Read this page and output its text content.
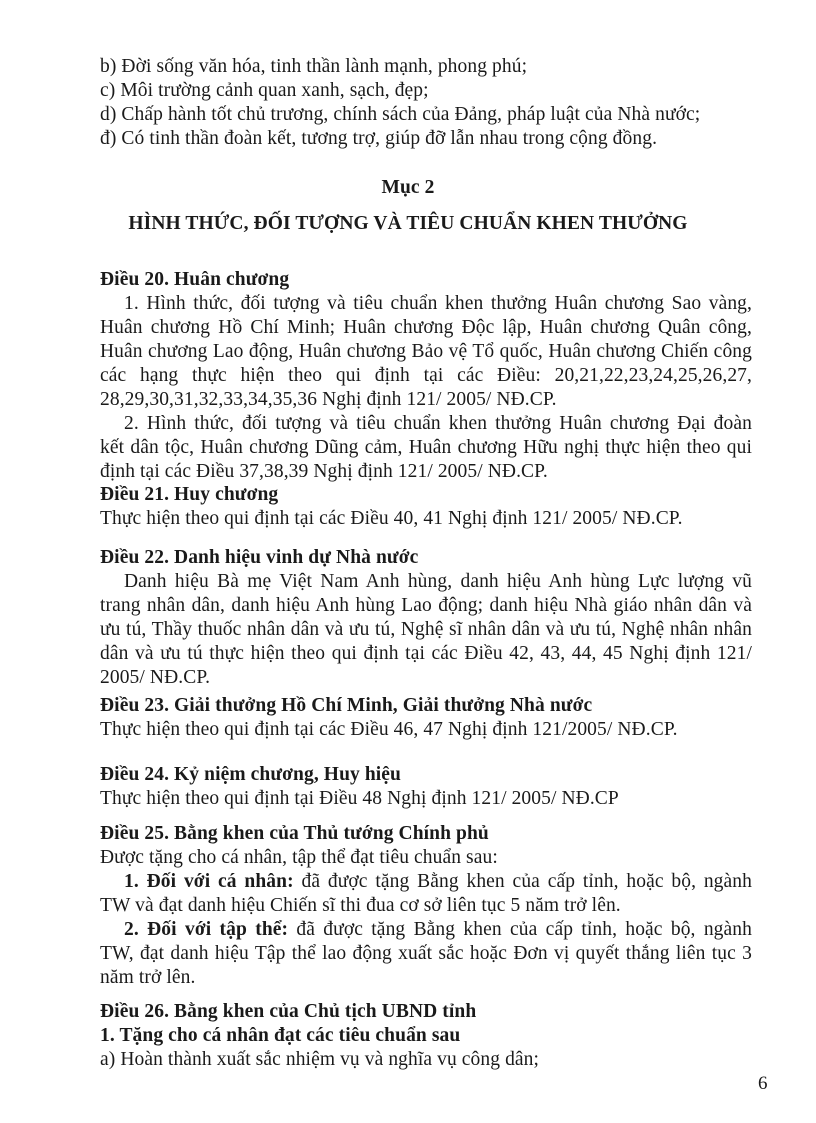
b) Đời sống văn hóa, tinh thần lành mạnh, phong phú;
c) Môi trường cảnh quan xanh, sạch, đẹp;
d) Chấp hành tốt chủ trương, chính sách của Đảng, pháp luật của Nhà nước;
đ) Có tinh thần đoàn kết, tương trợ, giúp đỡ lẫn nhau trong cộng đồng.
Mục 2
HÌNH THỨC, ĐỐI TƯỢNG VÀ TIÊU CHUẨN KHEN THƯỞNG
Điều 20. Huân chương
1. Hình thức, đối tượng và tiêu chuẩn khen thưởng Huân chương Sao vàng,
Huân chương Hồ Chí Minh; Huân chương Độc lập, Huân chương Quân công,
Huân chương Lao động, Huân chương Bảo vệ Tổ quốc, Huân chương Chiến công
các hạng thực hiện theo qui định tại các Điều: 20,21,22,23,24,25,26,27,
28,29,30,31,32,33,34,35,36 Nghị định 121/ 2005/ NĐ.CP.
2. Hình thức, đối tượng và tiêu chuẩn khen thưởng Huân chương Đại đoàn
kết dân tộc, Huân chương Dũng cảm, Huân chương Hữu nghị thực hiện theo qui
định tại các Điều 37,38,39 Nghị định 121/ 2005/ NĐ.CP.
Điều 21. Huy chương
Thực hiện theo qui định tại các Điều 40, 41 Nghị định 121/ 2005/ NĐ.CP.
Điều 22. Danh hiệu vinh dự Nhà nước
Danh hiệu Bà mẹ Việt Nam Anh hùng, danh hiệu Anh hùng Lực lượng vũ
trang nhân dân, danh hiệu Anh hùng Lao động; danh hiệu Nhà giáo nhân dân và
ưu tú, Thầy thuốc nhân dân và ưu tú, Nghệ sĩ nhân dân và ưu tú, Nghệ nhân nhân
dân và ưu tú thực hiện theo qui định tại các Điều 42, 43, 44, 45 Nghị định 121/
2005/ NĐ.CP.
Điều 23. Giải thưởng Hồ Chí Minh, Giải thưởng Nhà nước
Thực hiện theo qui định tại các Điều 46, 47 Nghị định 121/2005/ NĐ.CP.
Điều 24. Kỷ niệm chương, Huy hiệu
Thực hiện theo qui định tại Điều 48 Nghị định 121/ 2005/ NĐ.CP
Điều 25. Bằng khen của Thủ tướng Chính phủ
Được tặng cho cá nhân, tập thể đạt tiêu chuẩn sau:
1. Đối với cá nhân: đã được tặng Bằng khen của cấp tỉnh, hoặc bộ, ngành
TW và đạt danh hiệu Chiến sĩ thi đua cơ sở liên tục 5 năm trở lên.
2. Đối với tập thể: đã được tặng Bằng khen của cấp tỉnh, hoặc bộ, ngành
TW, đạt danh hiệu Tập thể lao động xuất sắc hoặc Đơn vị quyết thắng liên tục 3
năm trở lên.
Điều 26. Bằng khen của Chủ tịch UBND tỉnh
1. Tặng cho cá nhân đạt các tiêu chuẩn sau
a) Hoàn thành xuất sắc nhiệm vụ và nghĩa vụ công dân;
6
